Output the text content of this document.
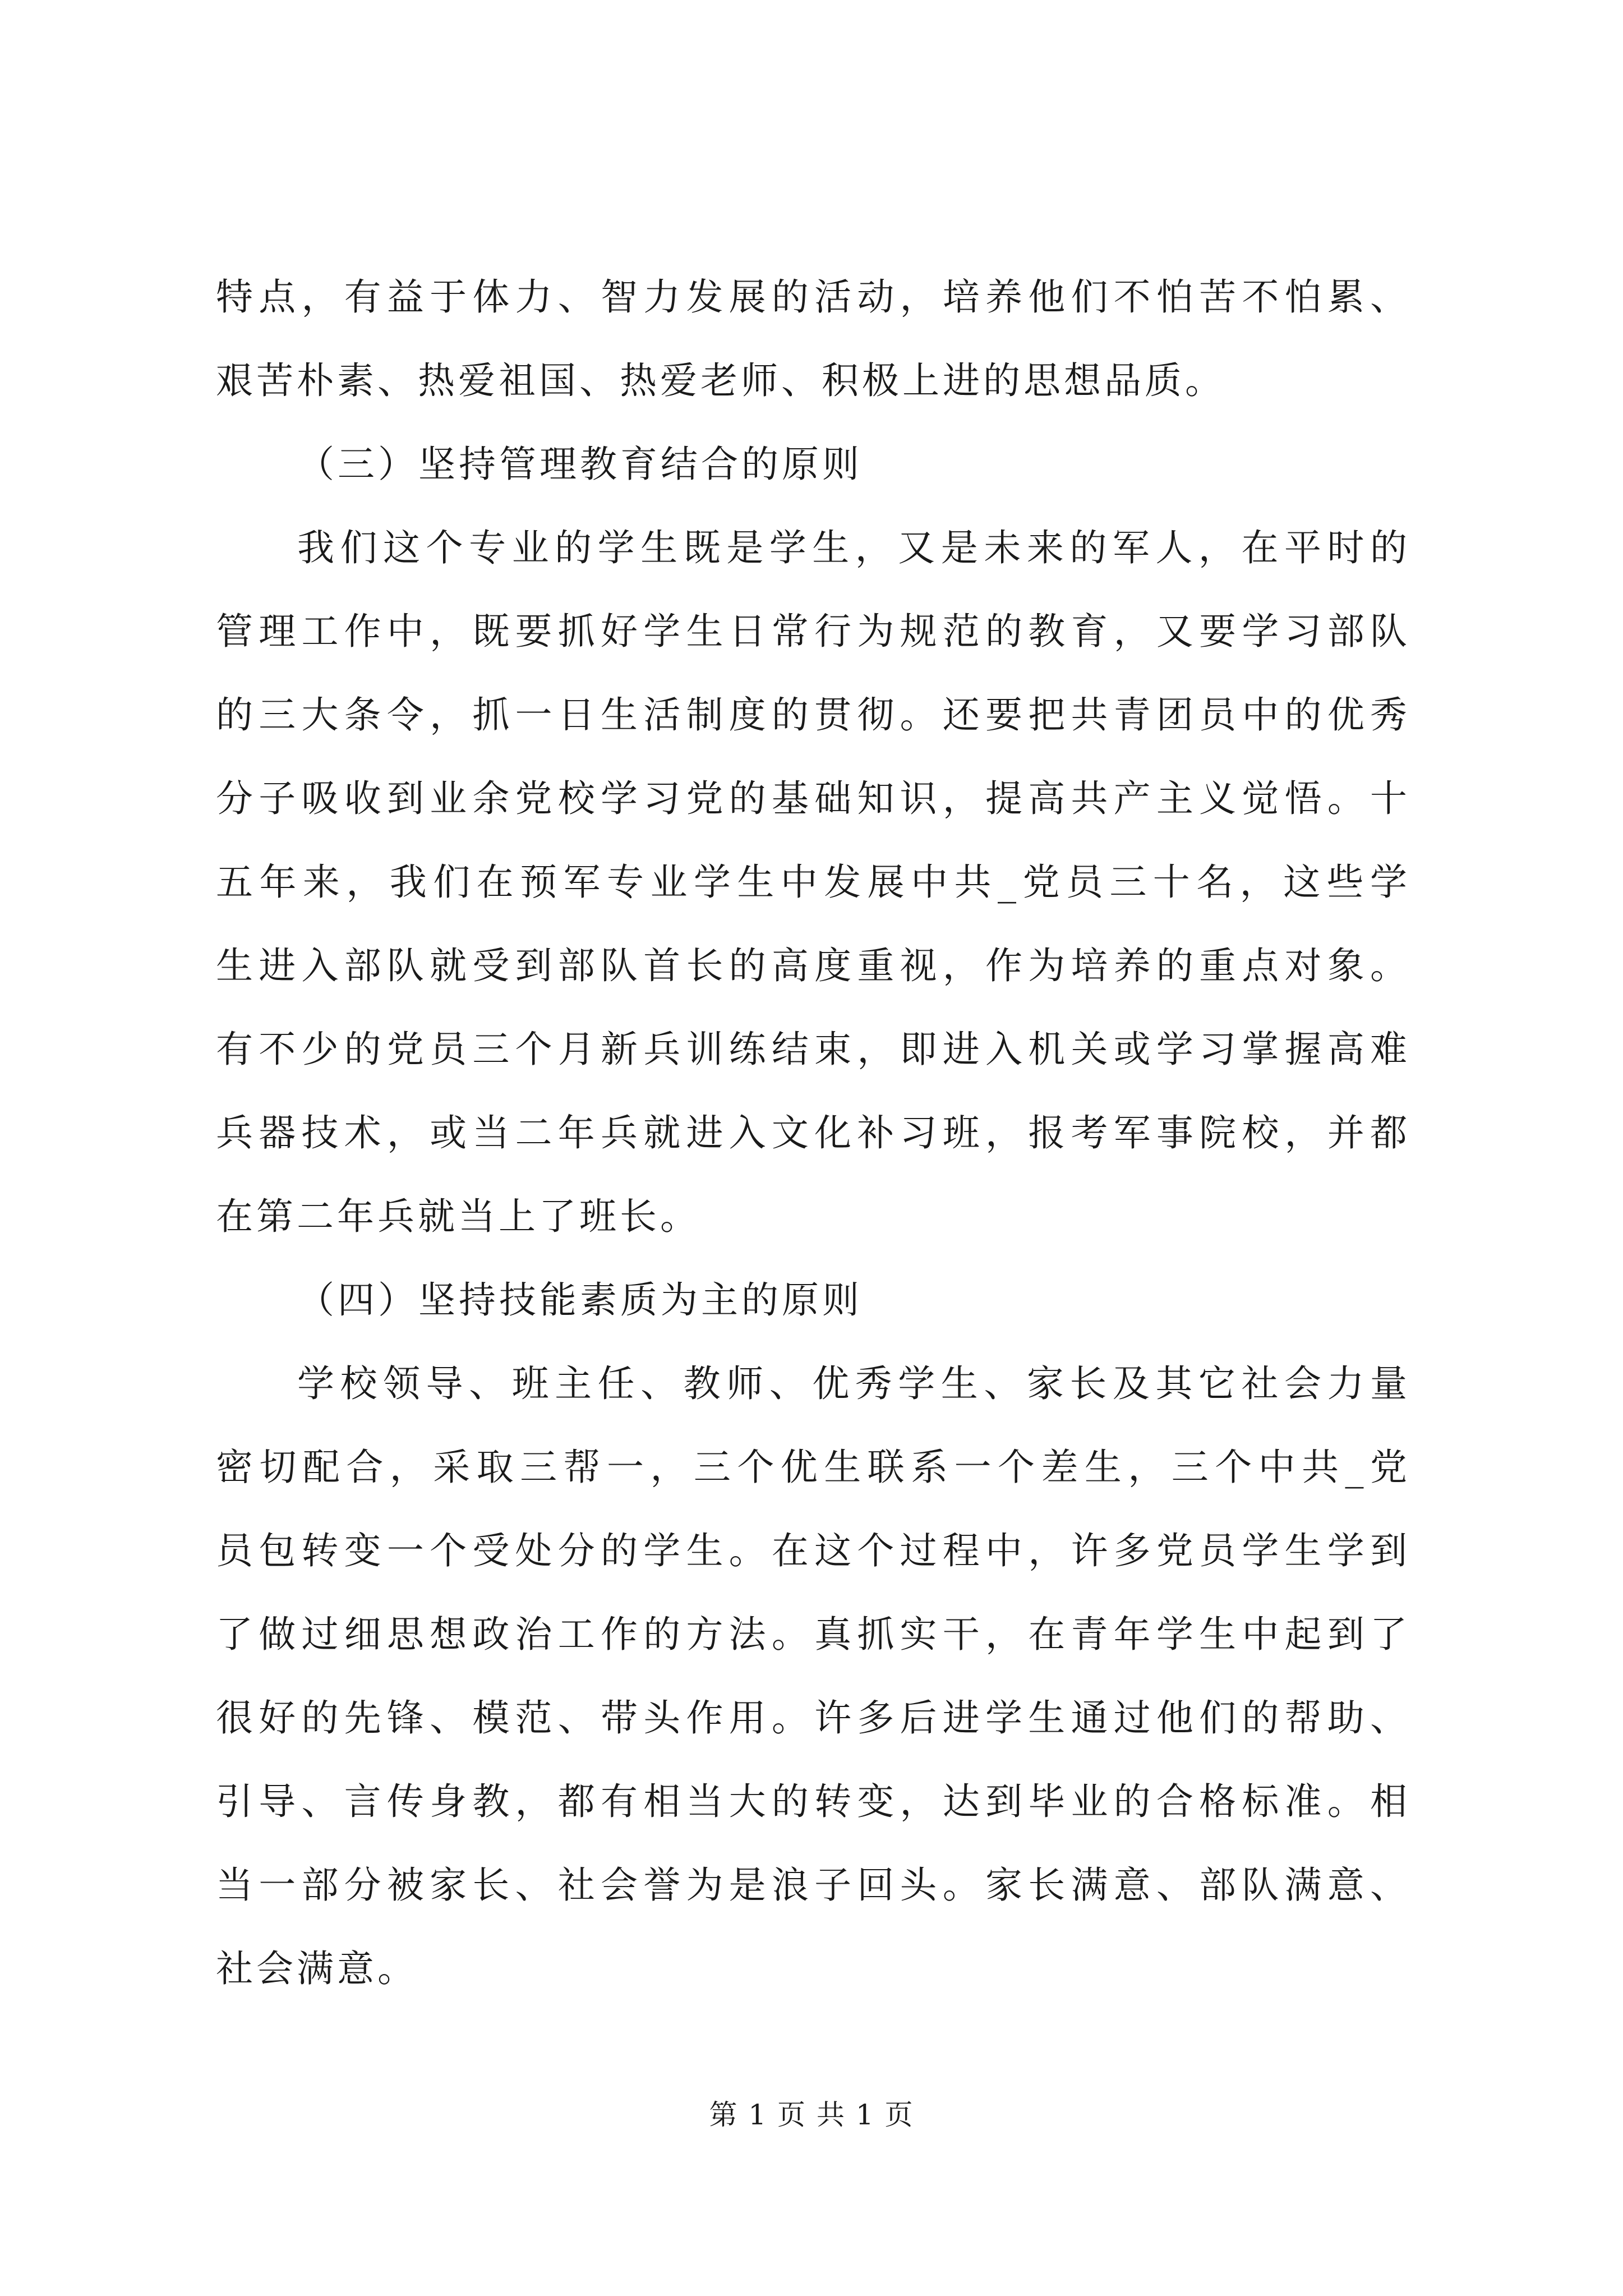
特点，有益于体力、智力发展的活动，培养他们不怕苦不怕累、
艰苦朴素、热爱祖国、热爱老师、积极上进的思想品质。
（三）坚持管理教育结合的原则
我们这个专业的学生既是学生，又是未来的军人，在平时的
管理工作中，既要抓好学生日常行为规范的教育，又要学习部队
的三大条令，抓一日生活制度的贯彻。还要把共青团员中的优秀
分子吸收到业余党校学习党的基础知识，提高共产主义觉悟。十
五年来，我们在预军专业学生中发展中共_党员三十名，这些学
生进入部队就受到部队首长的高度重视，作为培养的重点对象。
有不少的党员三个月新兵训练结束，即进入机关或学习掌握高难
兵器技术，或当二年兵就进入文化补习班，报考军事院校，并都
在第二年兵就当上了班长。
（四）坚持技能素质为主的原则
学校领导、班主任、教师、优秀学生、家长及其它社会力量
密切配合，采取三帮一，三个优生联系一个差生，三个中共_党
员包转变一个受处分的学生。在这个过程中，许多党员学生学到
了做过细思想政治工作的方法。真抓实干，在青年学生中起到了
很好的先锋、模范、带头作用。许多后进学生通过他们的帮助、
引导、言传身教，都有相当大的转变，达到毕业的合格标准。相
当一部分被家长、社会誉为是浪子回头。家长满意、部队满意、
社会满意。
第 1 页 共 1 页
